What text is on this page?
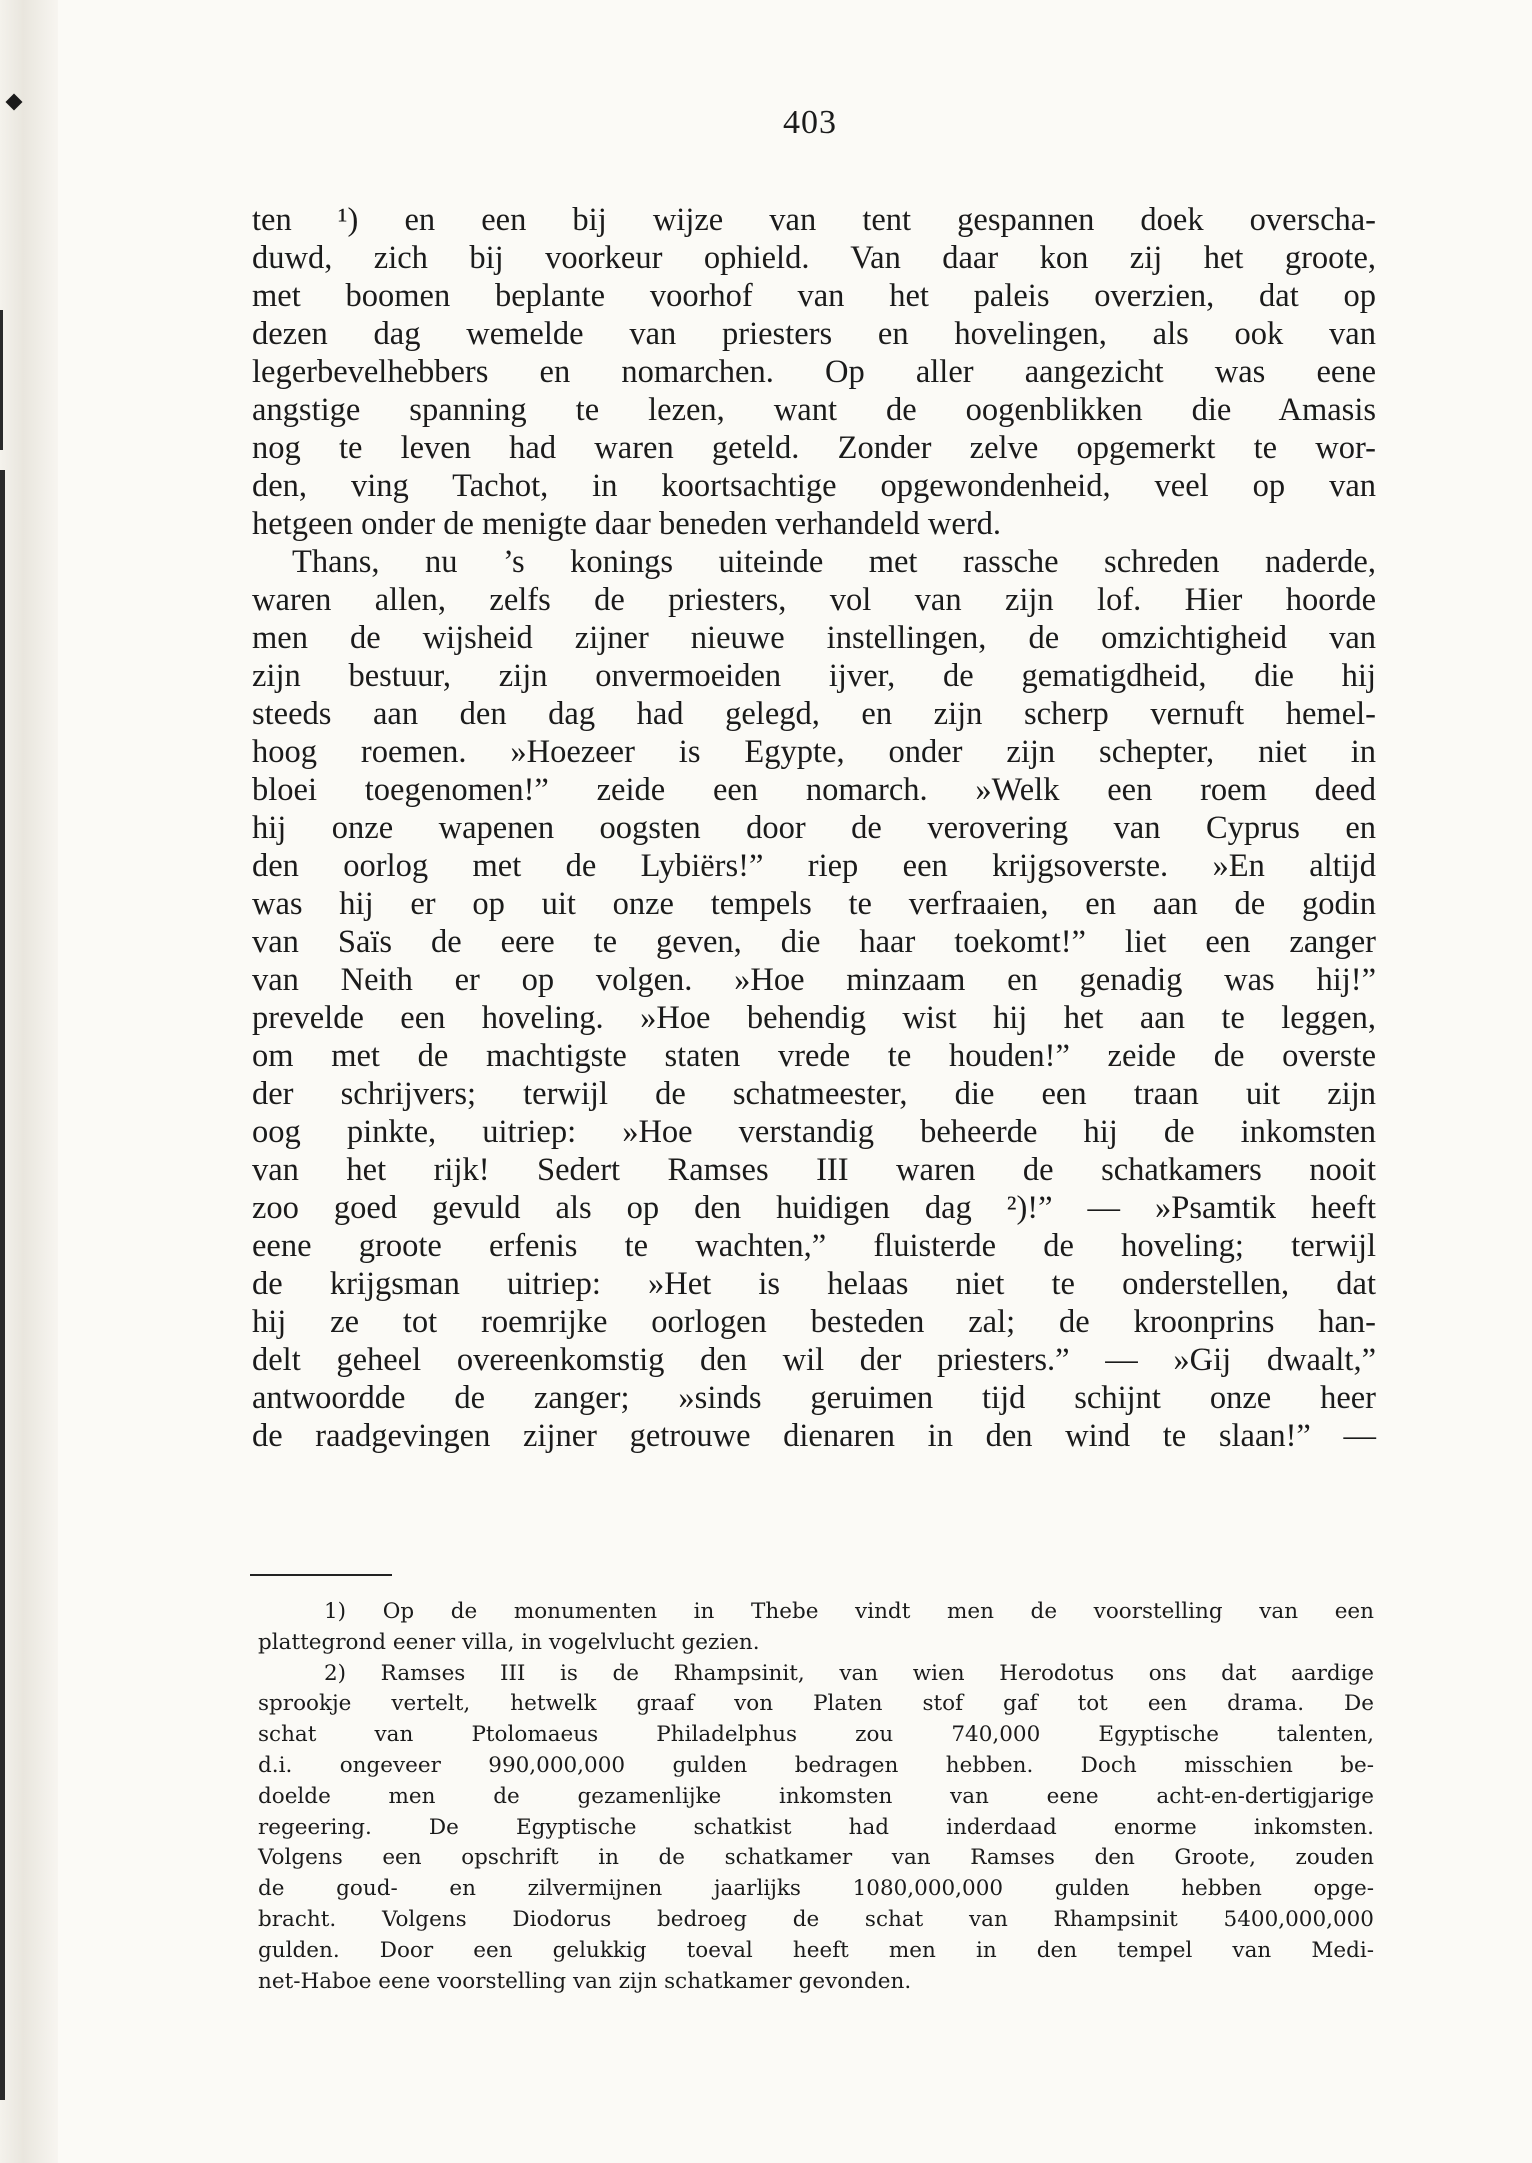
403
ten ¹) en een bij wijze van tent gespannen doek overscha-
duwd, zich bij voorkeur ophield. Van daar kon zij het groote,
met boomen beplante voorhof van het paleis overzien, dat op
dezen dag wemelde van priesters en hovelingen, als ook van
legerbevelhebbers en nomarchen. Op aller aangezicht was eene
angstige spanning te lezen, want de oogenblikken die Amasis
nog te leven had waren geteld. Zonder zelve opgemerkt te wor-
den, ving Tachot, in koortsachtige opgewondenheid, veel op van
hetgeen onder de menigte daar beneden verhandeld werd.
Thans, nu ’s konings uiteinde met rassche schreden naderde,
waren allen, zelfs de priesters, vol van zijn lof. Hier hoorde
men de wijsheid zijner nieuwe instellingen, de omzichtigheid van
zijn bestuur, zijn onvermoeiden ijver, de gematigdheid, die hij
steeds aan den dag had gelegd, en zijn scherp vernuft hemel-
hoog roemen. »Hoezeer is Egypte, onder zijn schepter, niet in
bloei toegenomen!” zeide een nomarch. »Welk een roem deed
hij onze wapenen oogsten door de verovering van Cyprus en
den oorlog met de Lybiërs!” riep een krijgsoverste. »En altijd
was hij er op uit onze tempels te verfraaien, en aan de godin
van Saïs de eere te geven, die haar toekomt!” liet een zanger
van Neith er op volgen. »Hoe minzaam en genadig was hij!”
prevelde een hoveling. »Hoe behendig wist hij het aan te leggen,
om met de machtigste staten vrede te houden!” zeide de overste
der schrijvers; terwijl de schatmeester, die een traan uit zijn
oog pinkte, uitriep: »Hoe verstandig beheerde hij de inkomsten
van het rijk! Sedert Ramses III waren de schatkamers nooit
zoo goed gevuld als op den huidigen dag ²)!” — »Psamtik heeft
eene groote erfenis te wachten,” fluisterde de hoveling; terwijl
de krijgsman uitriep: »Het is helaas niet te onderstellen, dat
hij ze tot roemrijke oorlogen besteden zal; de kroonprins han-
delt geheel overeenkomstig den wil der priesters.” — »Gij dwaalt,”
antwoordde de zanger; »sinds geruimen tijd schijnt onze heer
de raadgevingen zijner getrouwe dienaren in den wind te slaan!” —
1) Op de monumenten in Thebe vindt men de voorstelling van een
plattegrond eener villa, in vogelvlucht gezien.
2) Ramses III is de Rhampsinit, van wien Herodotus ons dat aardige
sprookje vertelt, hetwelk graaf von Platen stof gaf tot een drama. De
schat van Ptolomaeus Philadelphus zou 740,000 Egyptische talenten,
d.i. ongeveer 990,000,000 gulden bedragen hebben. Doch misschien be-
doelde men de gezamenlijke inkomsten van eene acht-en-dertigjarige
regeering. De Egyptische schatkist had inderdaad enorme inkomsten.
Volgens een opschrift in de schatkamer van Ramses den Groote, zouden
de goud- en zilvermijnen jaarlijks 1080,000,000 gulden hebben opge-
bracht. Volgens Diodorus bedroeg de schat van Rhampsinit 5400,000,000
gulden. Door een gelukkig toeval heeft men in den tempel van Medi-
net-Haboe eene voorstelling van zijn schatkamer gevonden.
